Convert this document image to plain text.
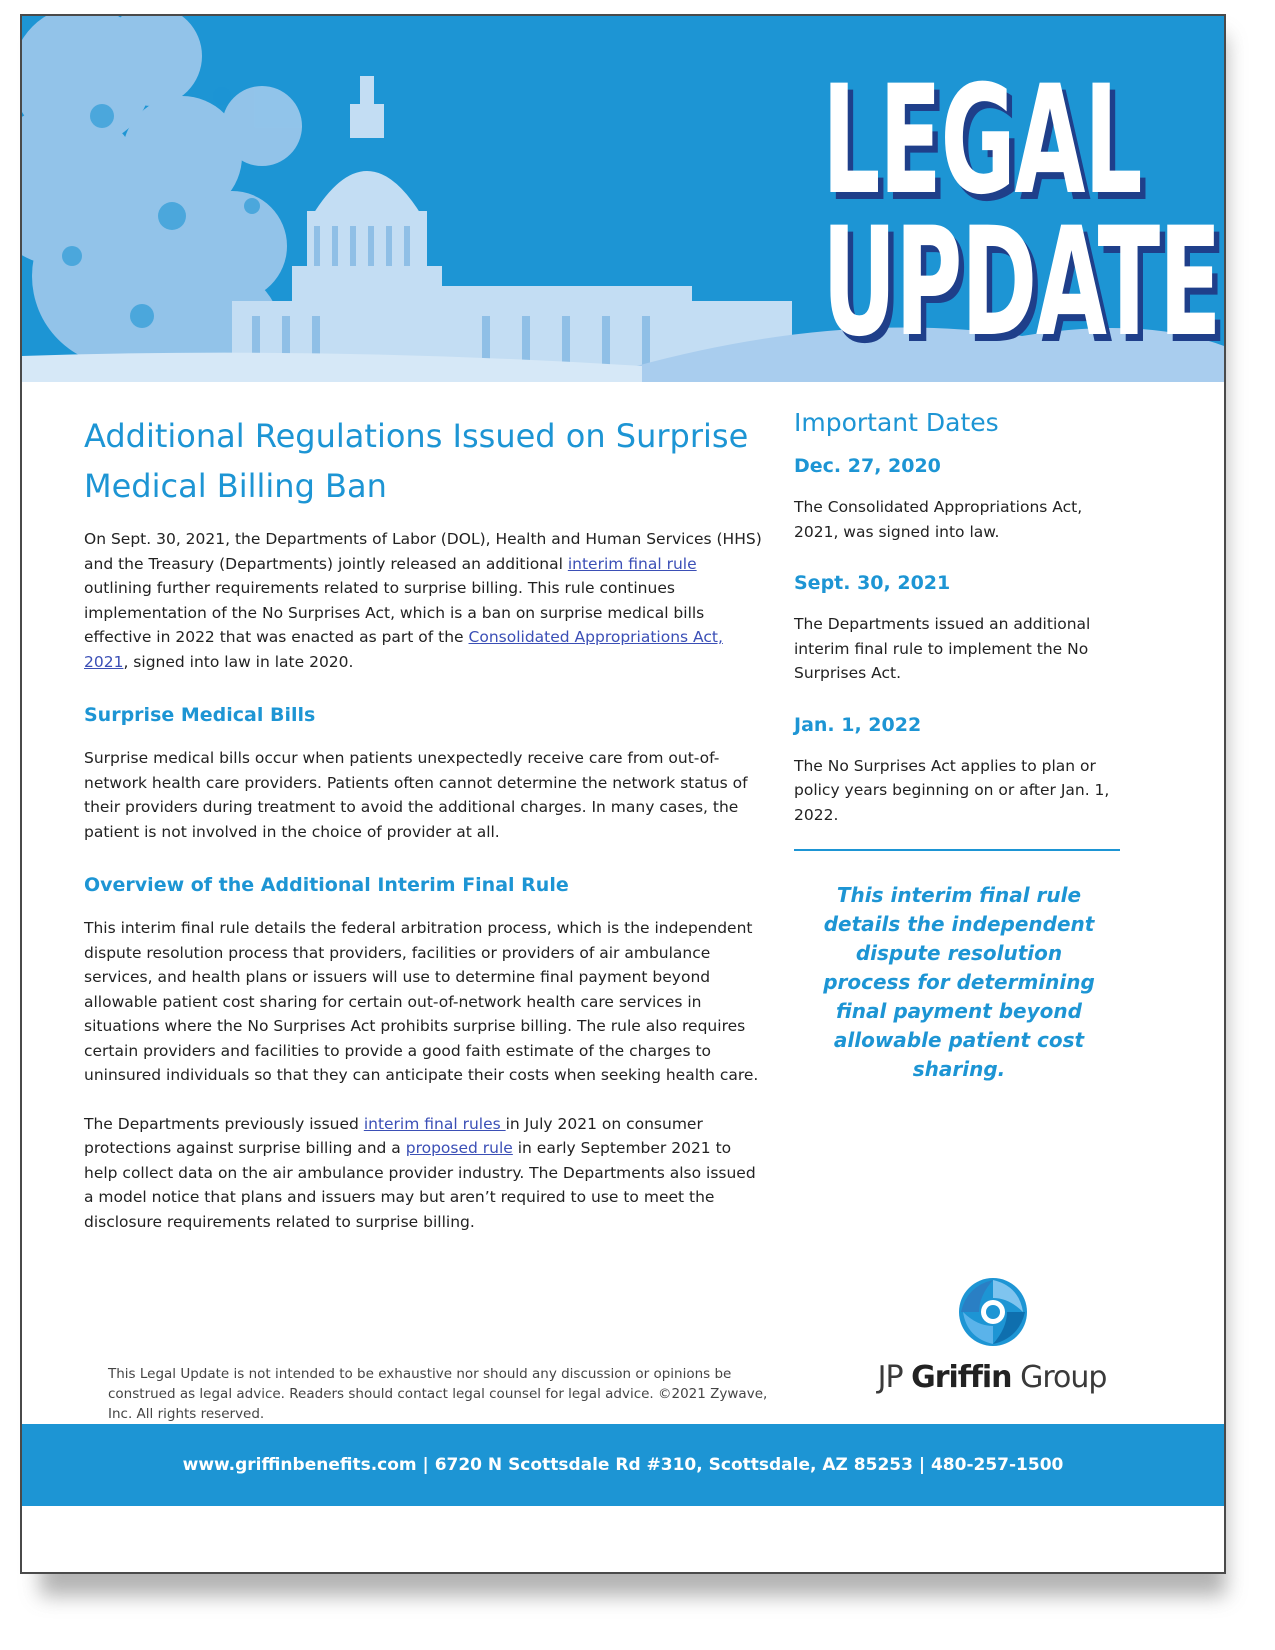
LEGAL
UPDATE
Additional Regulations Issued on Surprise
Medical Billing Ban

On Sept. 30, 2021, the Departments of Labor (DOL), Health and Human Services (HHS) and the Treasury (Departments) jointly released an additional interim final rule outlining further requirements related to surprise billing. This rule continues implementation of the No Surprises Act, which is a ban on surprise medical bills effective in 2022 that was enacted as part of the Consolidated Appropriations Act, 2021, signed into law in late 2020.

Surprise Medical Bills

Surprise medical bills occur when patients unexpectedly receive care from out-of-network health care providers. Patients often cannot determine the network status of their providers during treatment to avoid the additional charges. In many cases, the patient is not involved in the choice of provider at all.

Overview of the Additional Interim Final Rule

This interim final rule details the federal arbitration process, which is the independent dispute resolution process that providers, facilities or providers of air ambulance services, and health plans or issuers will use to determine final payment beyond allowable patient cost sharing for certain out-of-network health care services in situations where the No Surprises Act prohibits surprise billing. The rule also requires certain providers and facilities to provide a good faith estimate of the charges to uninsured individuals so that they can anticipate their costs when seeking health care.

The Departments previously issued interim final rules in July 2021 on consumer protections against surprise billing and a proposed rule in early September 2021 to help collect data on the air ambulance provider industry. The Departments also issued a model notice that plans and issuers may but aren’t required to use to meet the disclosure requirements related to surprise billing.

Important Dates
Dec. 27, 2020
The Consolidated Appropriations Act, 2021, was signed into law.
Sept. 30, 2021
The Departments issued an additional interim final rule to implement the No Surprises Act.
Jan. 1, 2022
The No Surprises Act applies to plan or policy years beginning on or after Jan. 1, 2022.
This interim final rule details the independent dispute resolution process for determining final payment beyond allowable patient cost sharing.
JP Griffin Group
This Legal Update is not intended to be exhaustive nor should any discussion or opinions be construed as legal advice. Readers should contact legal counsel for legal advice. ©2021 Zywave, Inc. All rights reserved.
www.griffinbenefits.com | 6720 N Scottsdale Rd #310, Scottsdale, AZ 85253 | 480-257-1500
